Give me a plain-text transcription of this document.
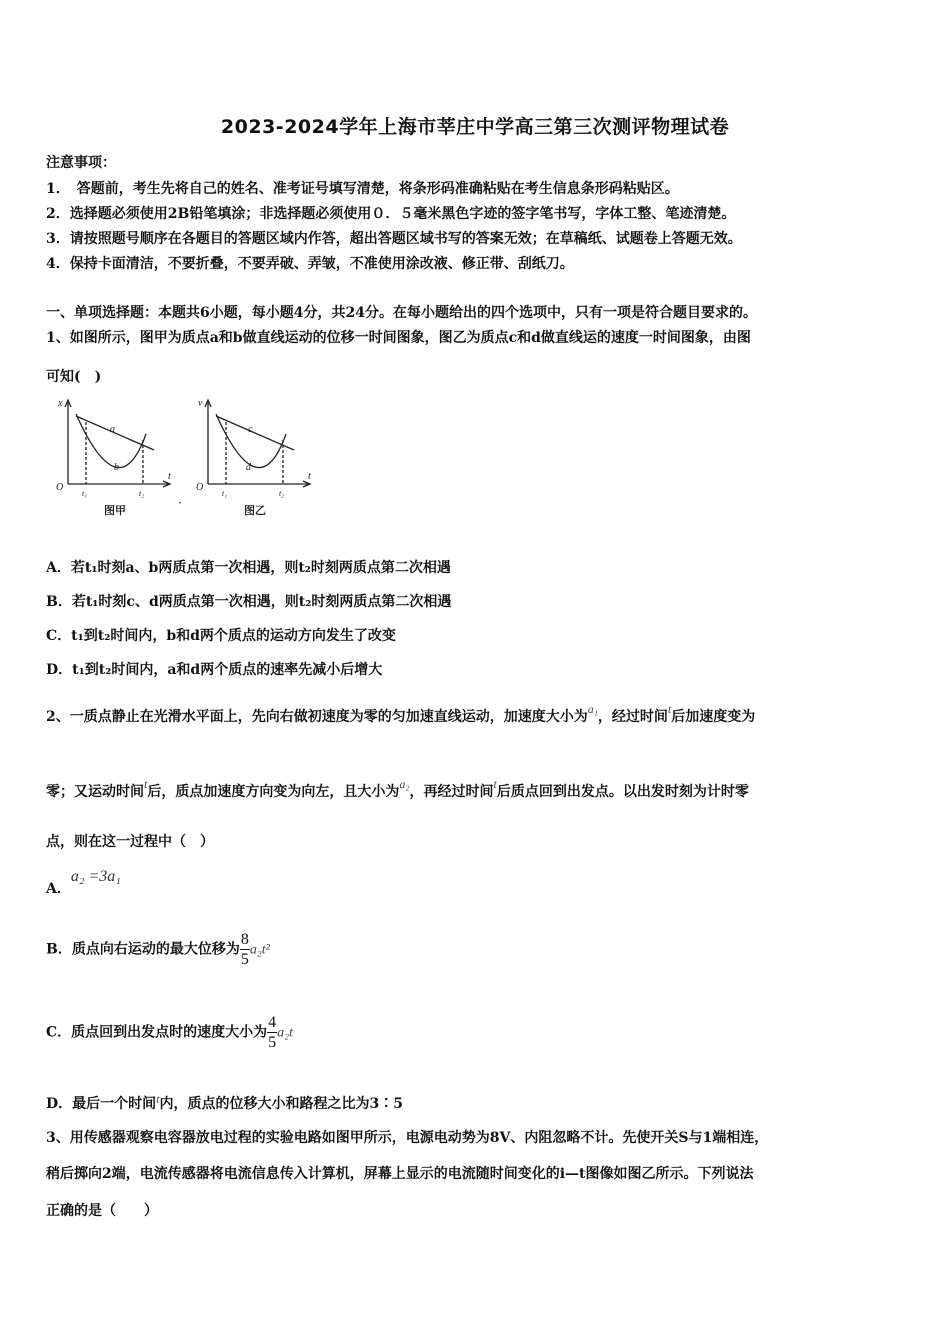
2023-2024学年上海市莘庄中学高三第三次测评物理试卷
注意事项：
1．　答题前，考生先将自己的姓名、准考证号填写清楚，将条形码准确粘贴在考生信息条形码粘贴区。
2．选择题必须使用2B铅笔填涂；非选择题必须使用０．５毫米黑色字迹的签字笔书写，字体工整、笔迹清楚。
3．请按照题号顺序在各题目的答题区域内作答，超出答题区域书写的答案无效；在草稿纸、试题卷上答题无效。
4．保持卡面清洁，不要折叠，不要弄破、弄皱，不准使用涂改液、修正带、刮纸刀。
一、单项选择题：本题共6小题，每小题4分，共24分。在每小题给出的四个选项中，只有一项是符合题目要求的。
1、如图所示，图甲为质点a和b做直线运动的位移一时间图象，图乙为质点c和d做直线运的速度一时间图象，由图
可知(　)
x
O
t
t₁	t₂
a
b
图甲
·
v
O
t
t₁	t₂
c
d
图乙
A．若t₁时刻a、b两质点第一次相遇，则t₂时刻两质点第二次相遇
B．若t₁时刻c、d两质点第一次相遇，则t₂时刻两质点第二次相遇
C．t₁到t₂时间内，b和d两个质点的运动方向发生了改变
D．t₁到t₂时间内，a和d两个质点的速率先减小后增大
2、一质点静止在光滑水平面上，先向右做初速度为零的匀加速直线运动，加速度大小为a₁，经过时间t后加速度变为
零；又运动时间t后，质点加速度方向变为向左，且大小为a₂，再经过时间t后质点回到出发点。以出发时刻为计时零
点，则在这一过程中（　）
A．a₂ =3a₁
B．质点向右运动的最大位移为 $\frac{8}{5} a_2t^2$
C．质点回到出发点时的速度大小为 $\frac{4}{5} a_2t$
D．最后一个时间t内，质点的位移大小和路程之比为3∶5
3、用传感器观察电容器放电过程的实验电路如图甲所示，电源电动势为8V、内阻忽略不计。先使开关S与1端相连，
稍后掷向2端，电流传感器将电流信息传入计算机，屏幕上显示的电流随时间变化的i—t图像如图乙所示。下列说法
正确的是（　　）
